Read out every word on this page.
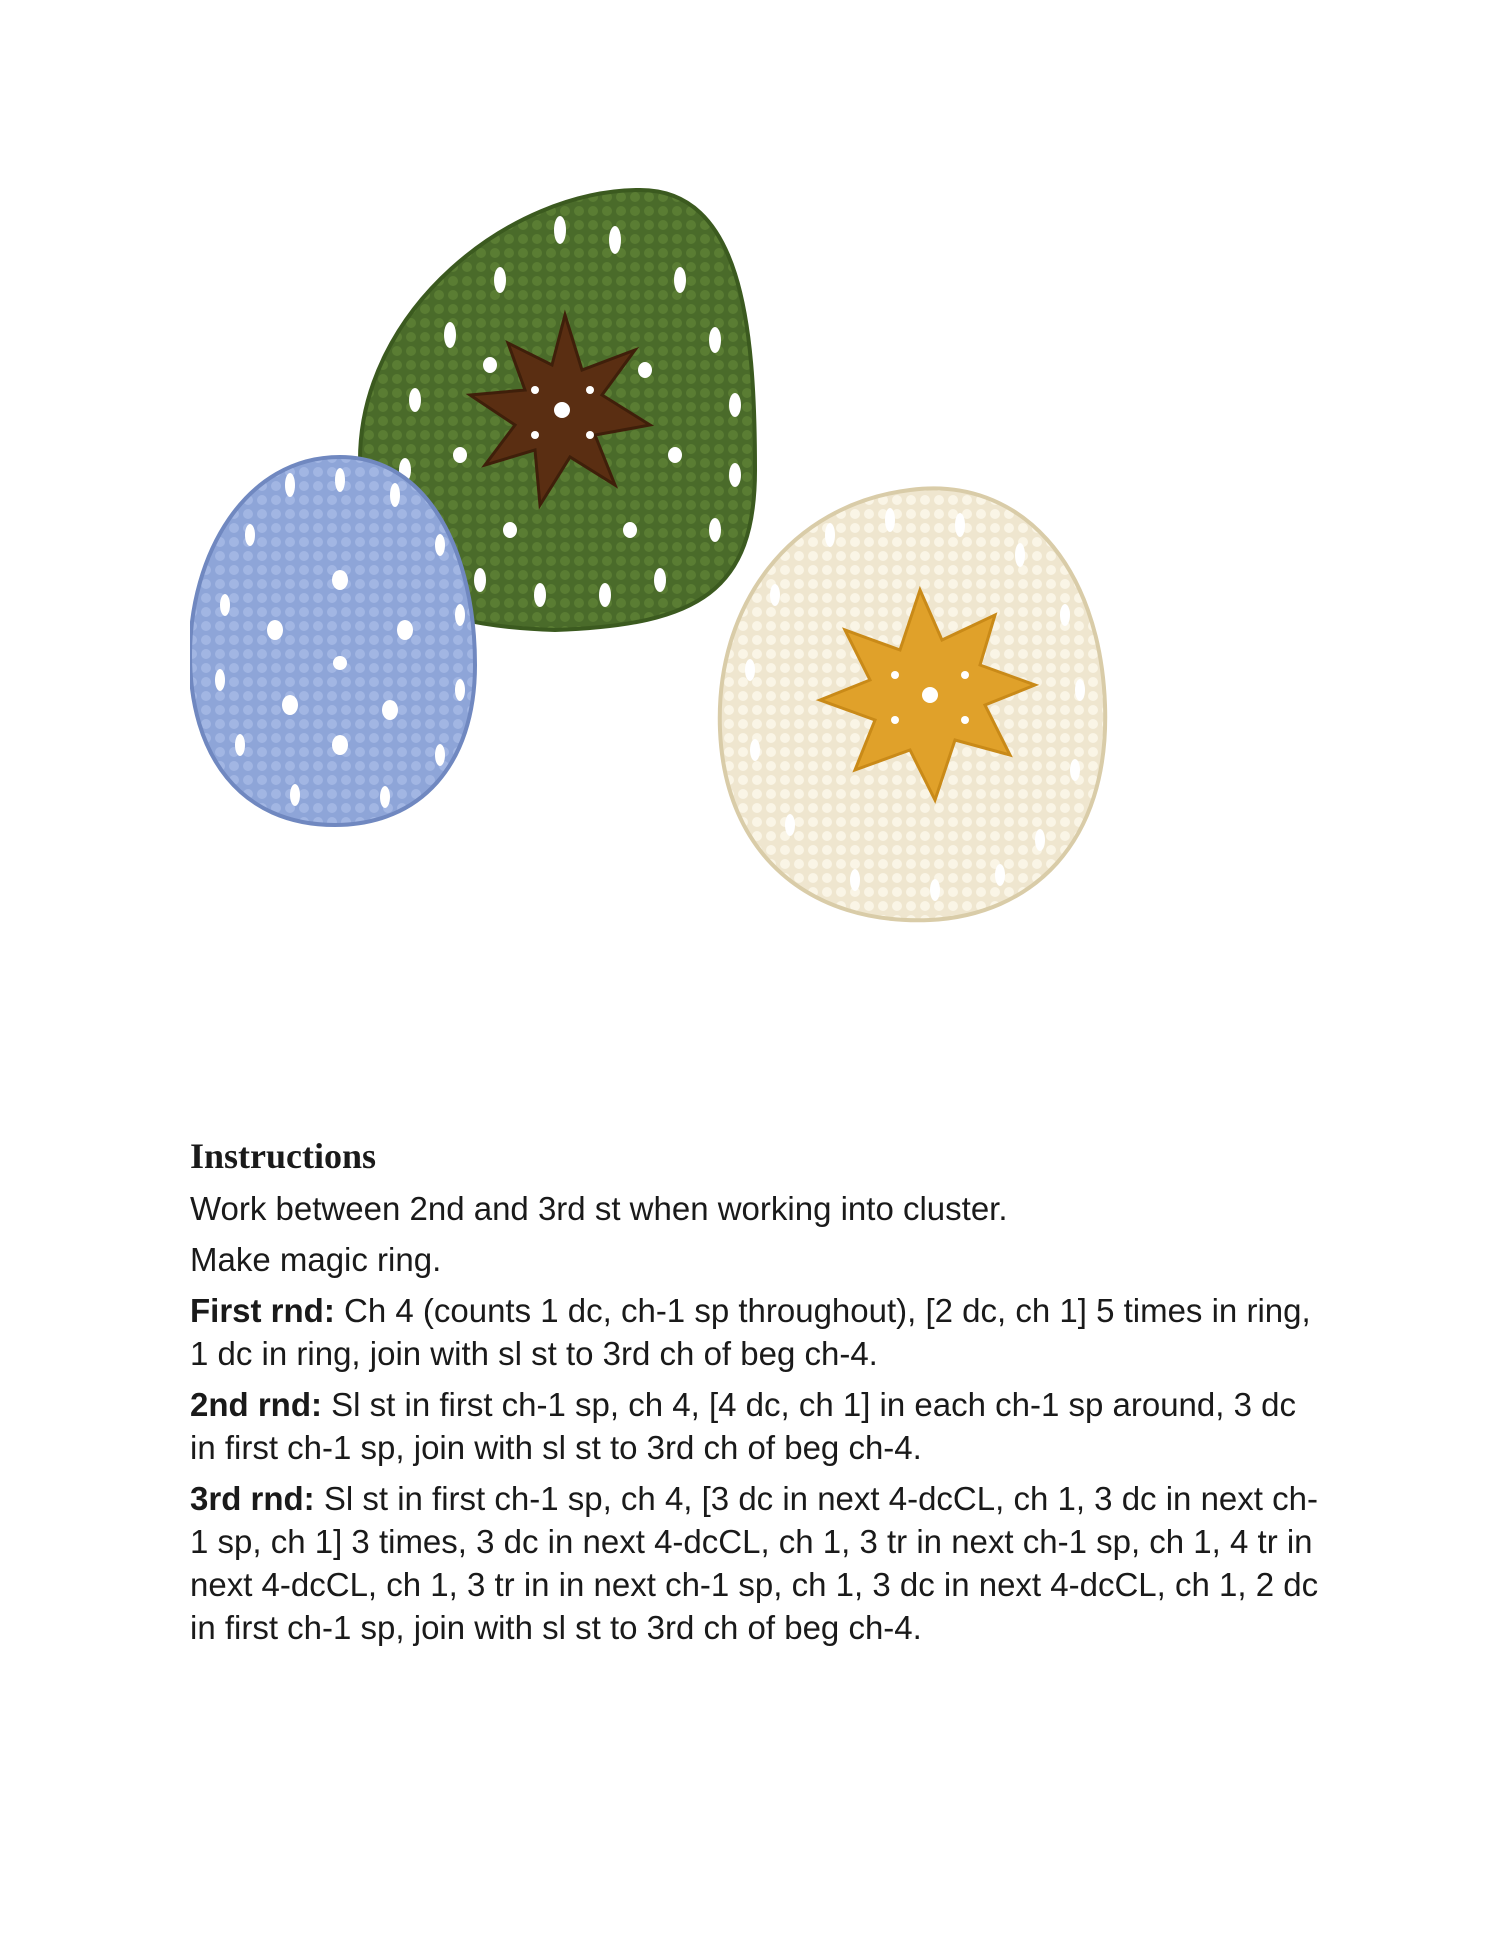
Instructions

Work between 2nd and 3rd st when working into cluster.

Make magic ring.

First rnd: Ch 4 (counts 1 dc, ch-1 sp throughout), [2 dc, ch 1] 5 times in ring, 1 dc in ring, join with sl st to 3rd ch of beg ch-4.

2nd rnd: Sl st in first ch-1 sp, ch 4, [4 dc, ch 1] in each ch-1 sp around, 3 dc in first ch-1 sp, join with sl st to 3rd ch of beg ch-4.

3rd rnd: Sl st in first ch-1 sp, ch 4, [3 dc in next 4-dcCL, ch 1, 3 dc in next ch-1 sp, ch 1] 3 times, 3 dc in next 4-dcCL, ch 1, 3 tr in next ch-1 sp, ch 1, 4 tr in next 4-dcCL, ch 1, 3 tr in in next ch-1 sp, ch 1, 3 dc in next 4-dcCL, ch 1, 2 dc in first ch-1 sp, join with sl st to 3rd ch of beg ch-4.
